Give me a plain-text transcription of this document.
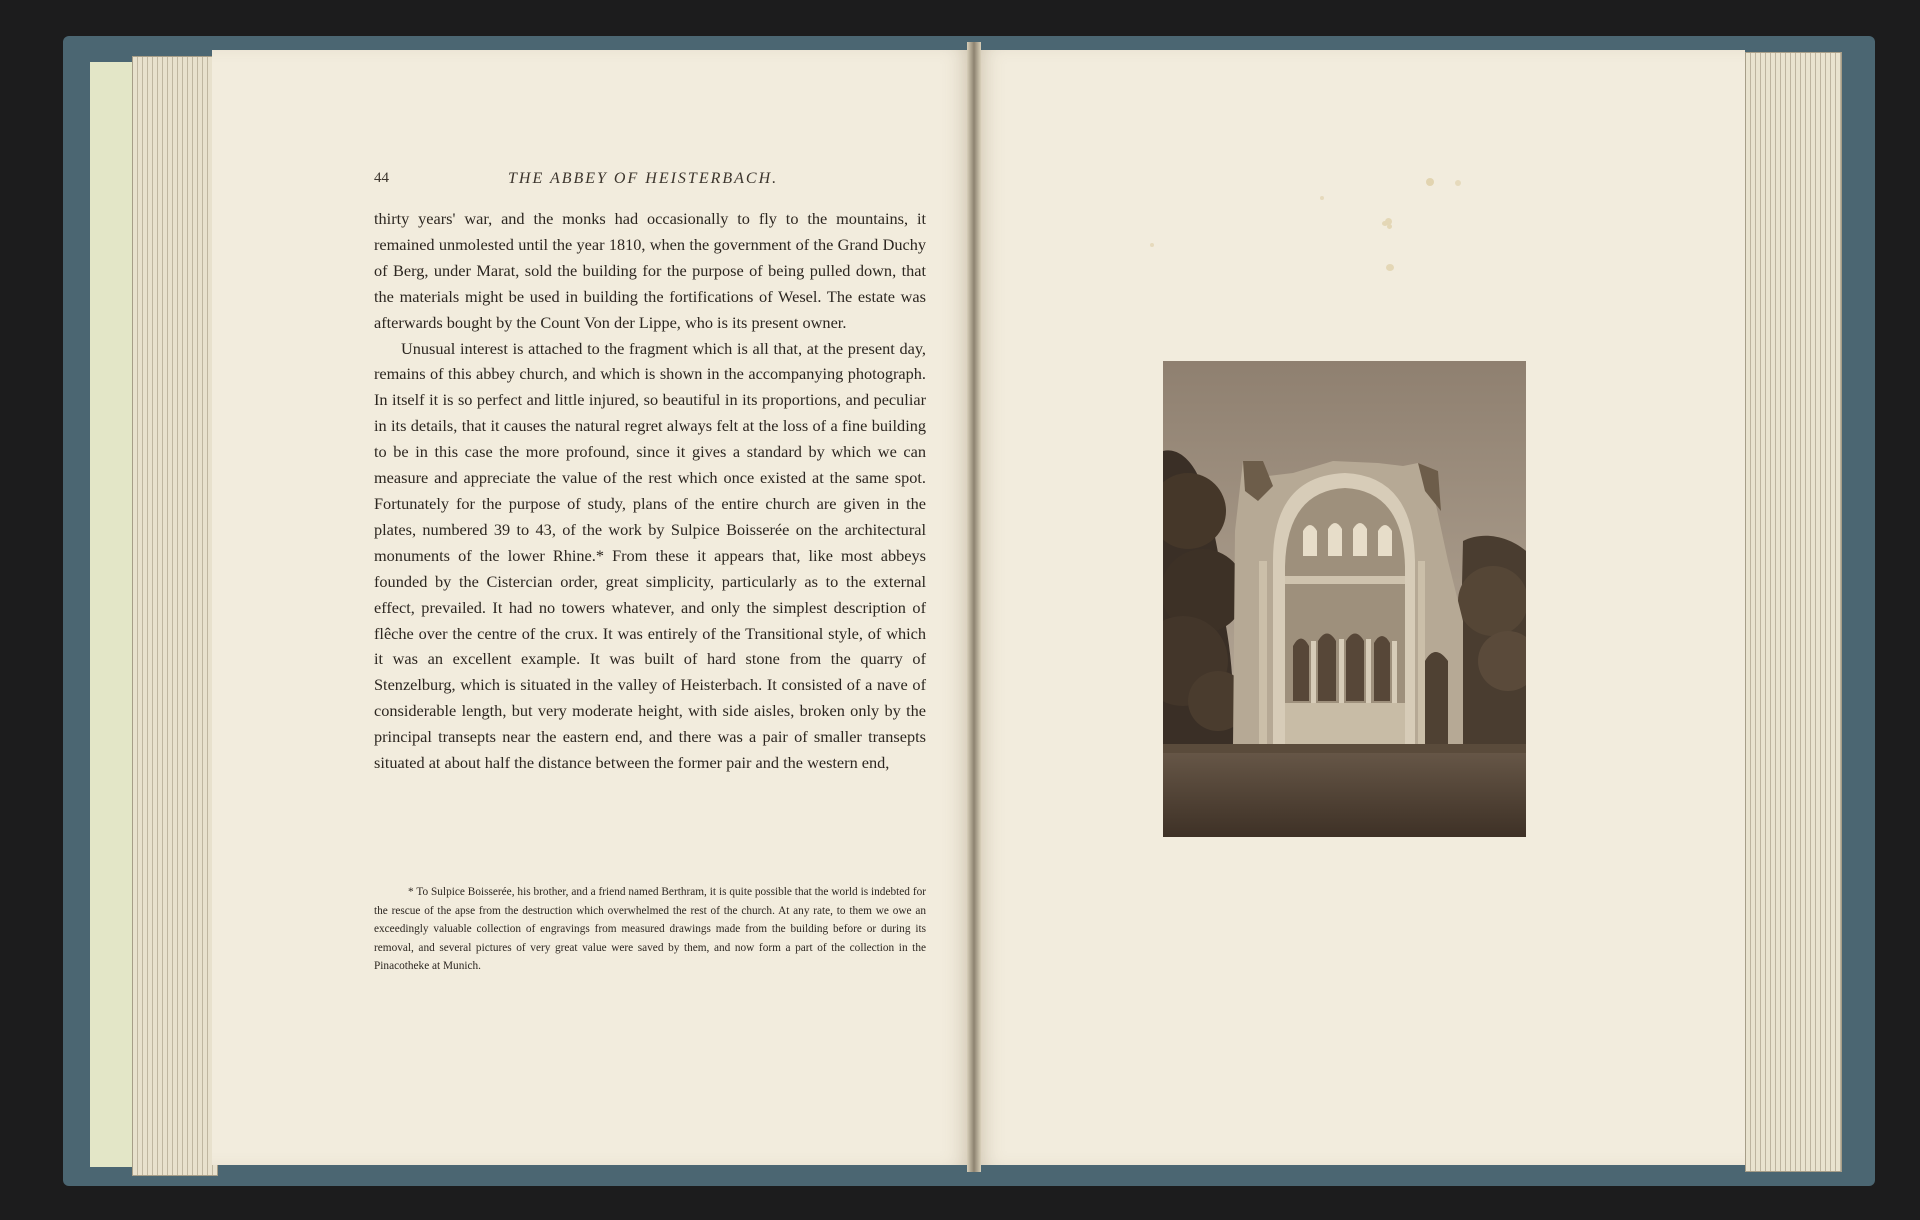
44	THE ABBEY OF HEISTERBACH.

thirty years' war, and the monks had occasionally to fly to the mountains, it remained unmolested until the year 1810, when the government of the Grand Duchy of Berg, under Marat, sold the building for the purpose of being pulled down, that the materials might be used in building the fortifications of Wesel. The estate was afterwards bought by the Count Von der Lippe, who is its present owner.

Unusual interest is attached to the fragment which is all that, at the present day, remains of this abbey church, and which is shown in the accompanying photograph. In itself it is so perfect and little injured, so beautiful in its proportions, and peculiar in its details, that it causes the natural regret always felt at the loss of a fine building to be in this case the more profound, since it gives a standard by which we can measure and appreciate the value of the rest which once existed at the same spot. Fortunately for the purpose of study, plans of the entire church are given in the plates, numbered 39 to 43, of the work by Sulpice Boisserée on the architectural monuments of the lower Rhine.* From these it appears that, like most abbeys founded by the Cistercian order, great simplicity, particularly as to the external effect, prevailed. It had no towers whatever, and only the simplest description of flêche over the centre of the crux. It was entirely of the Transitional style, of which it was an excellent example. It was built of hard stone from the quarry of Stenzelburg, which is situated in the valley of Heisterbach. It consisted of a nave of considerable length, but very moderate height, with side aisles, broken only by the principal transepts near the eastern end, and there was a pair of smaller transepts situated at about half the distance between the former pair and the western end,

* To Sulpice Boisserée, his brother, and a friend named Berthram, it is quite possible that the world is indebted for the rescue of the apse from the destruction which overwhelmed the rest of the church. At any rate, to them we owe an exceedingly valuable collection of engravings from measured drawings made from the building before or during its removal, and several pictures of very great value were saved by them, and now form a part of the collection in the Pinacotheke at Munich.
